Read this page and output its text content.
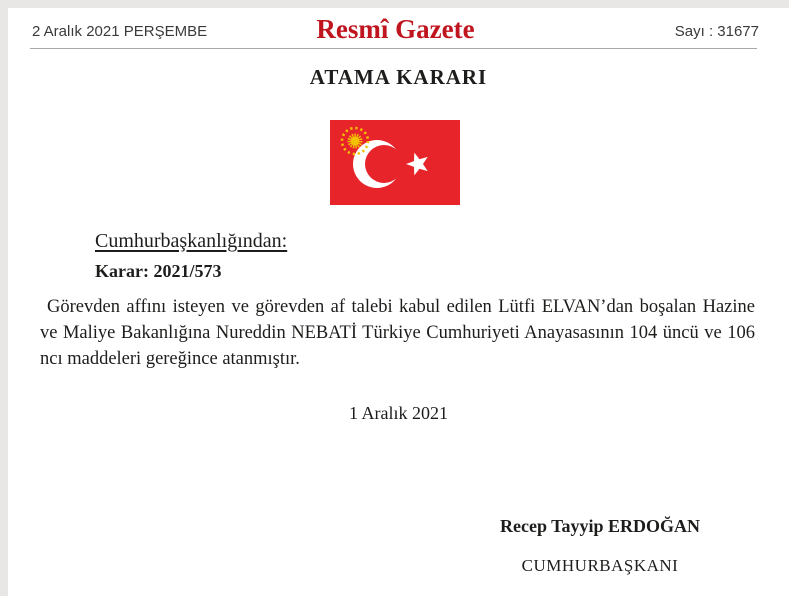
2 Aralık 2021 PERŞEMBE	Resmî Gazete	Sayı : 31677
ATAMA KARARI
Cumhurbaşkanlığından:
Karar: 2021/573
Görevden affını isteyen ve görevden af talebi kabul edilen Lütfi ELVAN’dan boşalan Hazine ve Maliye Bakanlığına Nureddin NEBATİ Türkiye Cumhuriyeti Anayasasının 104 üncü ve 106 ncı maddeleri gereğince atanmıştır.
1 Aralık 2021
Recep Tayyip ERDOĞAN
CUMHURBAŞKANI
